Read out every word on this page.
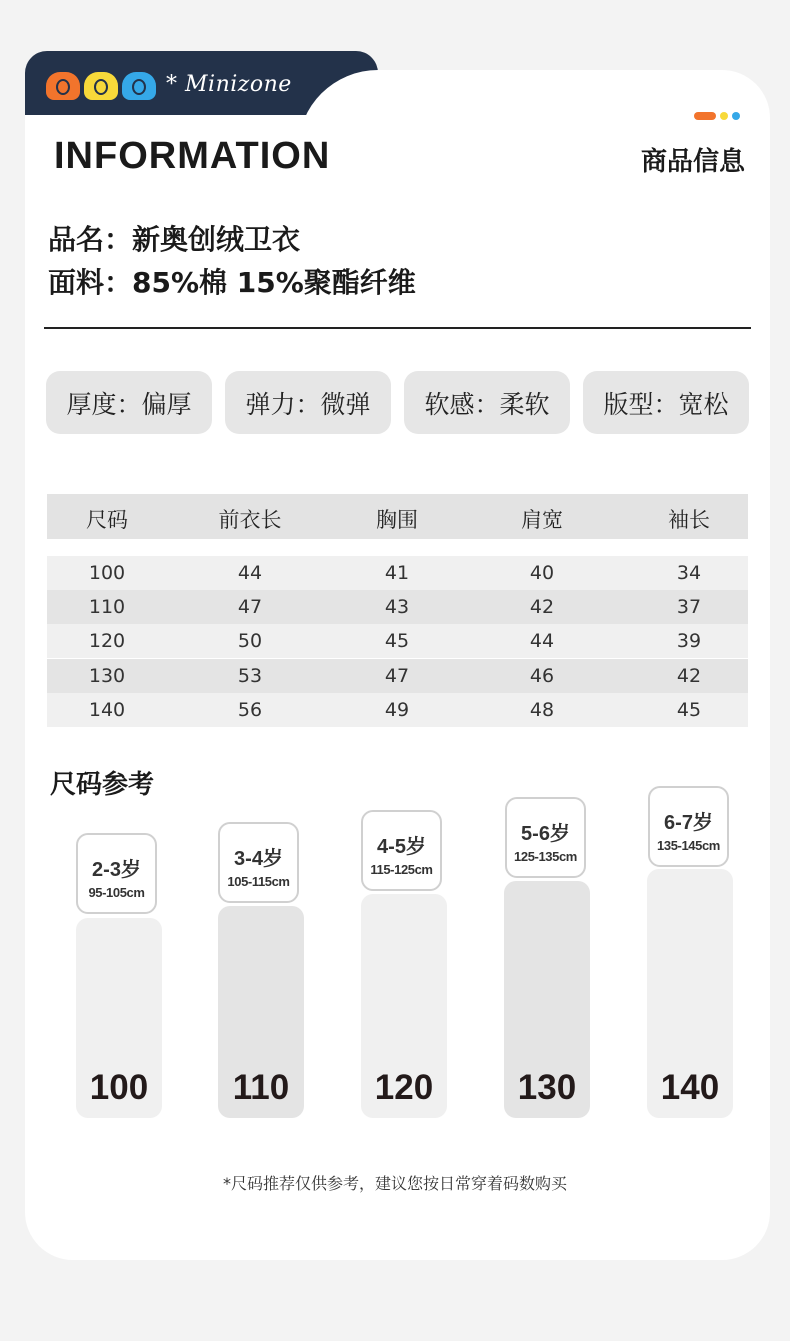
* Minizone
INFORMATION	商品信息
品名：新奥创绒卫衣
面料：85%棉 15%聚酯纤维
厚度：偏厚	弹力：微弹	软感：柔软	版型：宽松
尺码	前衣长	胸围	肩宽	袖长
100	44	41	40	34
110	47	43	42	37
120	50	45	44	39
130	53	47	46	42
140	56	49	48	45
尺码参考
100
2-3岁
95-105cm
110
3-4岁
105-115cm
120
4-5岁
115-125cm
130
5-6岁
125-135cm
140
6-7岁
135-145cm
*尺码推荐仅供参考，建议您按日常穿着码数购买
